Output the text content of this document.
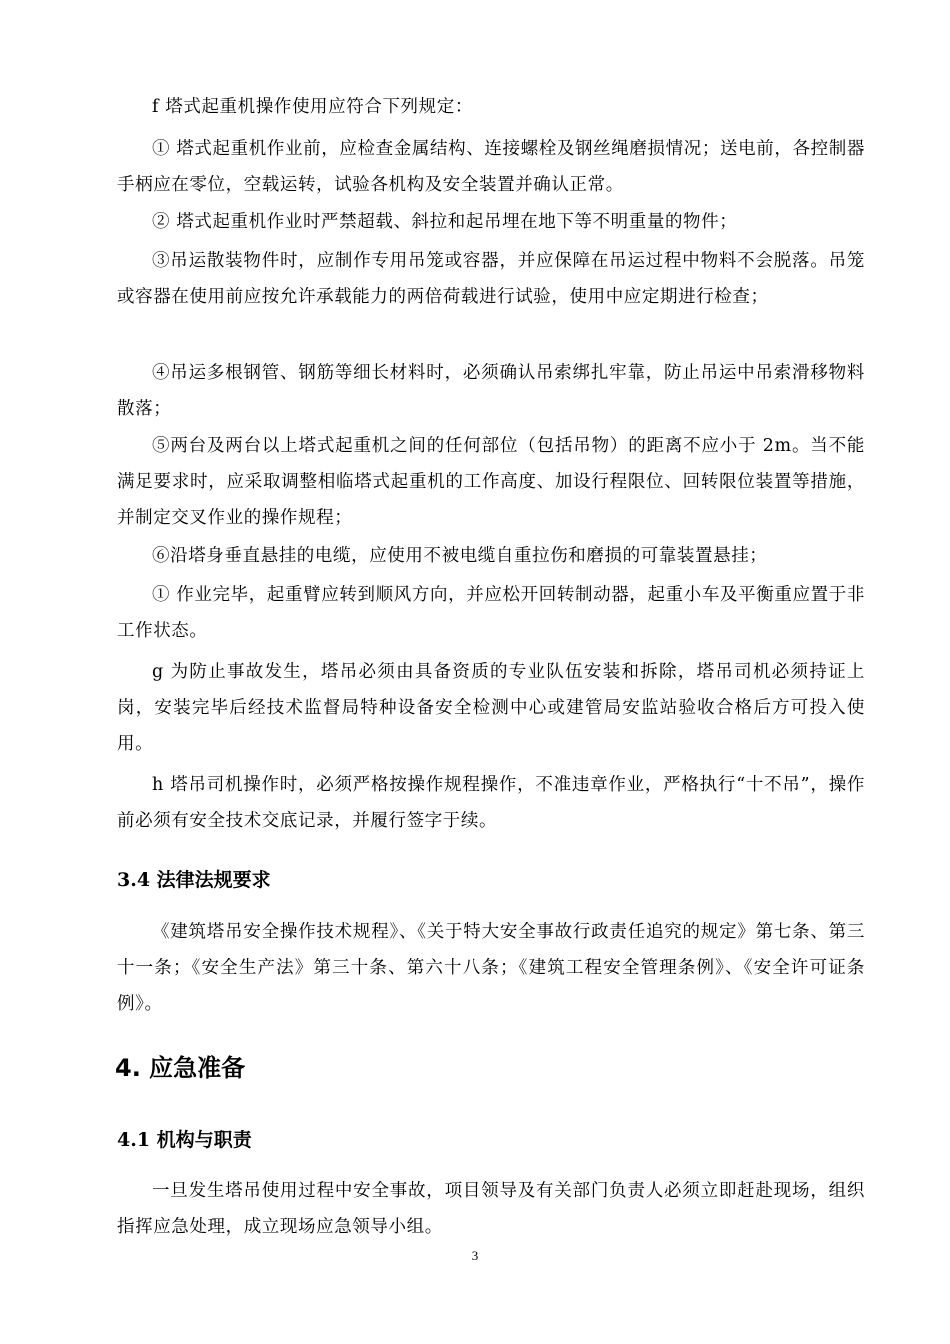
f 塔式起重机操作使用应符合下列规定：

① 塔式起重机作业前，应检查金属结构、连接螺栓及钢丝绳磨损情况；送电前，各控制器手柄应在零位，空载运转，试验各机构及安全装置并确认正常。

② 塔式起重机作业时严禁超载、斜拉和起吊埋在地下等不明重量的物件；

③吊运散装物件时，应制作专用吊笼或容器，并应保障在吊运过程中物料不会脱落。吊笼或容器在使用前应按允许承载能力的两倍荷载进行试验，使用中应定期进行检查；

④吊运多根钢管、钢筋等细长材料时，必须确认吊索绑扎牢靠，防止吊运中吊索滑移物料散落；

⑤两台及两台以上塔式起重机之间的任何部位（包括吊物）的距离不应小于 2m。当不能满足要求时，应采取调整相临塔式起重机的工作高度、加设行程限位、回转限位装置等措施，并制定交叉作业的操作规程；

⑥沿塔身垂直悬挂的电缆，应使用不被电缆自重拉伤和磨损的可靠装置悬挂；

① 作业完毕，起重臂应转到顺风方向，并应松开回转制动器，起重小车及平衡重应置于非工作状态。

g 为防止事故发生，塔吊必须由具备资质的专业队伍安装和拆除，塔吊司机必须持证上岗，安装完毕后经技术监督局特种设备安全检测中心或建管局安监站验收合格后方可投入使用。

h 塔吊司机操作时，必须严格按操作规程操作，不准违章作业，严格执行“十不吊”，操作前必须有安全技术交底记录，并履行签字于续。

3.4 法律法规要求

《建筑塔吊安全操作技术规程》、《关于特大安全事故行政责任追究的规定》第七条、第三十一条；《安全生产法》第三十条、第六十八条；《建筑工程安全管理条例》、《安全许可证条例》。

4. 应急准备
4.1 机构与职责

一旦发生塔吊使用过程中安全事故，项目领导及有关部门负责人必须立即赶赴现场，组织指挥应急处理，成立现场应急领导小组。

3
